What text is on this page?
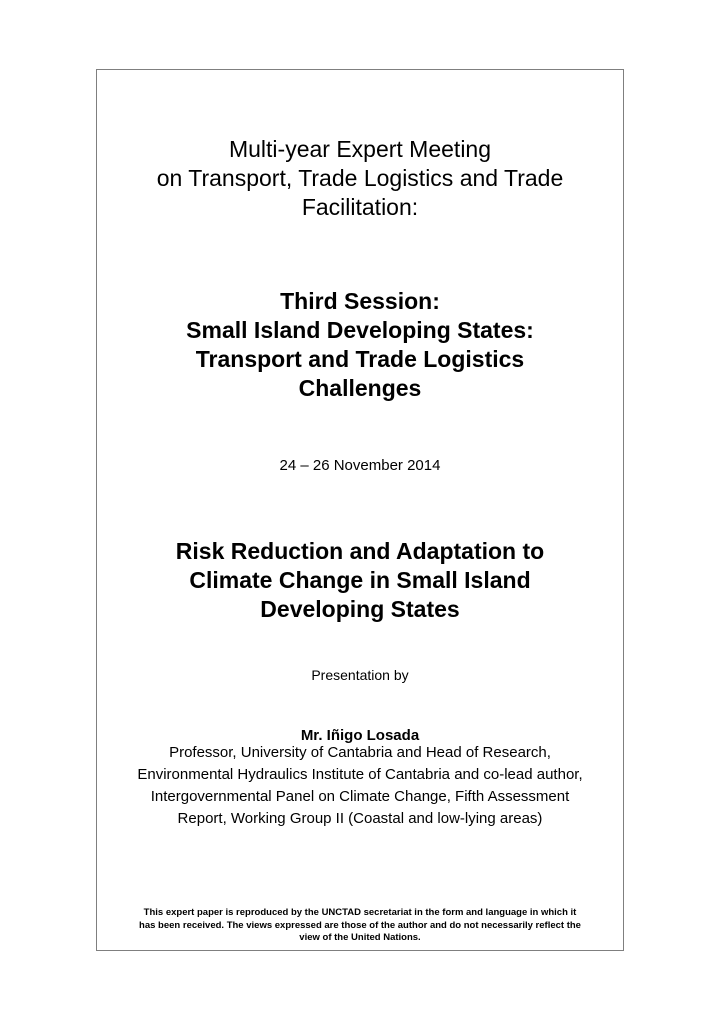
Multi-year Expert Meeting
on Transport, Trade Logistics and Trade
Facilitation:
Third Session:
Small Island Developing States:
Transport and Trade Logistics
Challenges
24 – 26 November 2014
Risk Reduction and Adaptation to
Climate Change in Small Island
Developing States
Presentation by
Mr. Iñigo Losada
Professor, University of Cantabria and Head of Research,
Environmental Hydraulics Institute of Cantabria and co-lead author,
Intergovernmental Panel on Climate Change, Fifth Assessment
Report, Working Group II (Coastal and low-lying areas)
This expert paper is reproduced by the UNCTAD secretariat in the form and language in which it
has been received. The views expressed are those of the author and do not necessarily reflect the
view of the United Nations.
